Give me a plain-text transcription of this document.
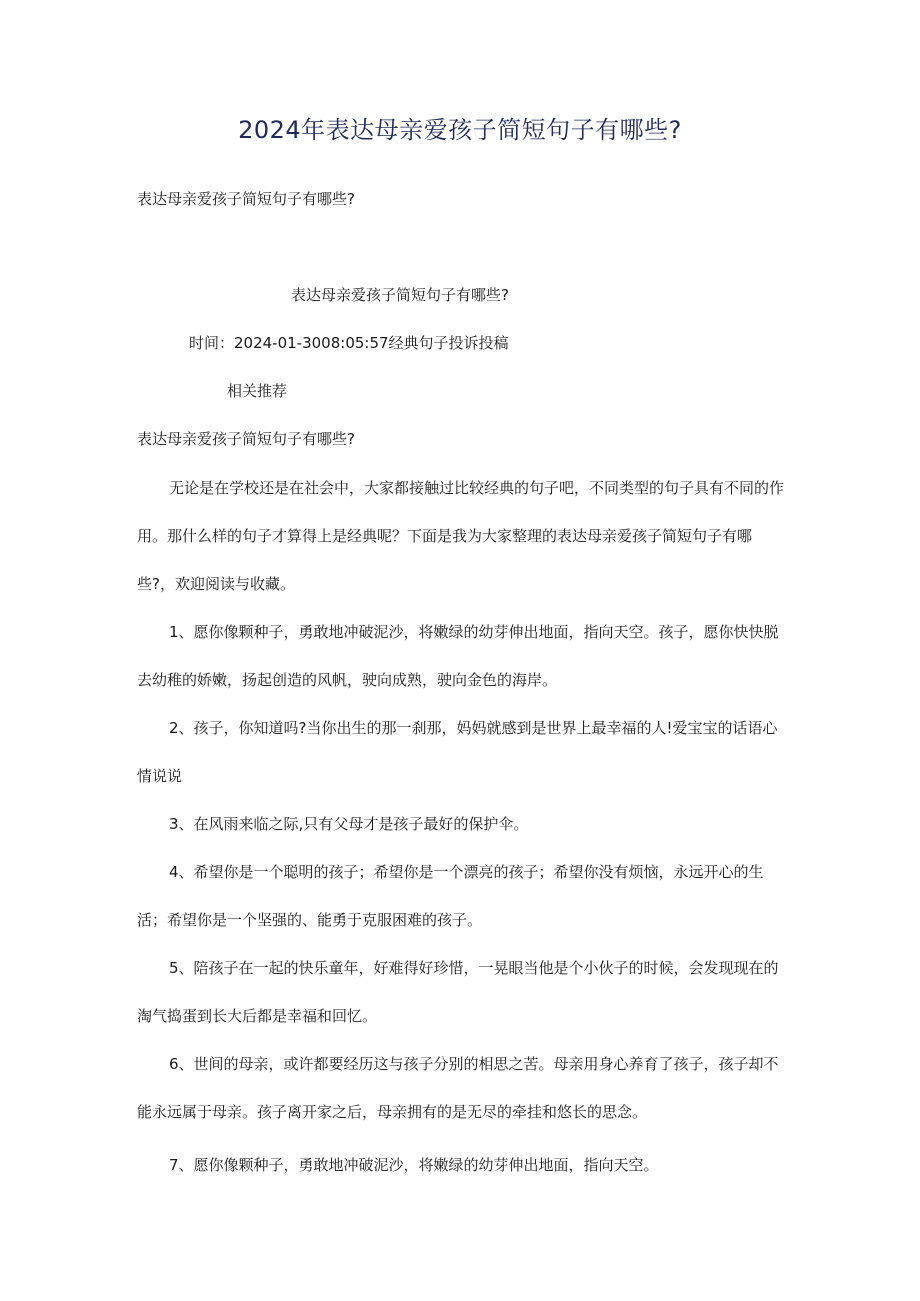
2024年表达母亲爱孩子简短句子有哪些?
表达母亲爱孩子简短句子有哪些?
表达母亲爱孩子简短句子有哪些?
时间：2024-01-3008:05:57经典句子投诉投稿
相关推荐
表达母亲爱孩子简短句子有哪些?

无论是在学校还是在社会中，大家都接触过比较经典的句子吧，不同类型的句子具有不同的作用。那什么样的句子才算得上是经典呢？下面是我为大家整理的表达母亲爱孩子简短句子有哪些?，欢迎阅读与收藏。

1、愿你像颗种子，勇敢地冲破泥沙，将嫩绿的幼芽伸出地面，指向天空。孩子，愿你快快脱去幼稚的娇嫩，扬起创造的风帆，驶向成熟，驶向金色的海岸。

2、孩子，你知道吗?当你出生的那一刹那，妈妈就感到是世界上最幸福的人!爱宝宝的话语心情说说

3、在风雨来临之际,只有父母才是孩子最好的保护伞。

4、希望你是一个聪明的孩子；希望你是一个漂亮的孩子；希望你没有烦恼，永远开心的生活；希望你是一个坚强的、能勇于克服困难的孩子。

5、陪孩子在一起的快乐童年，好难得好珍惜，一晃眼当他是个小伙子的时候，会发现现在的淘气捣蛋到长大后都是幸福和回忆。

6、世间的母亲，或许都要经历这与孩子分别的相思之苦。母亲用身心养育了孩子，孩子却不能永远属于母亲。孩子离开家之后，母亲拥有的是无尽的牵挂和悠长的思念。

7、愿你像颗种子，勇敢地冲破泥沙，将嫩绿的幼芽伸出地面，指向天空。
